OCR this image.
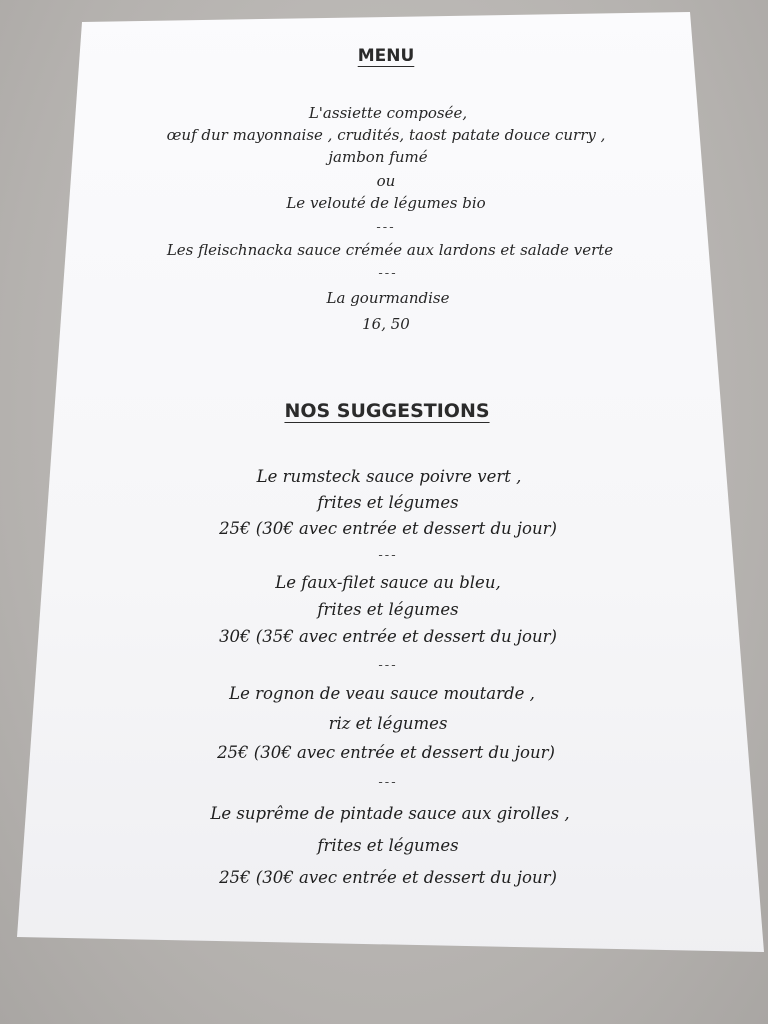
MENU
L'assiette composée,
œuf dur mayonnaise , crudités, taost patate douce curry ,
jambon fumé
ou
Le velouté de légumes bio
---
Les fleischnacka sauce crémée aux lardons et salade verte
---
La gourmandise
16, 50
NOS SUGGESTIONS
Le rumsteck sauce poivre vert ,
frites et légumes
25€ (30€ avec entrée et dessert du jour)
---
Le faux-filet sauce au bleu,
frites et légumes
30€ (35€ avec entrée et dessert du jour)
---
Le rognon de veau sauce moutarde ,
riz et légumes
25€ (30€ avec entrée et dessert du jour)
---
Le suprême de pintade sauce aux girolles ,
frites et légumes
25€ (30€ avec entrée et dessert du jour)
